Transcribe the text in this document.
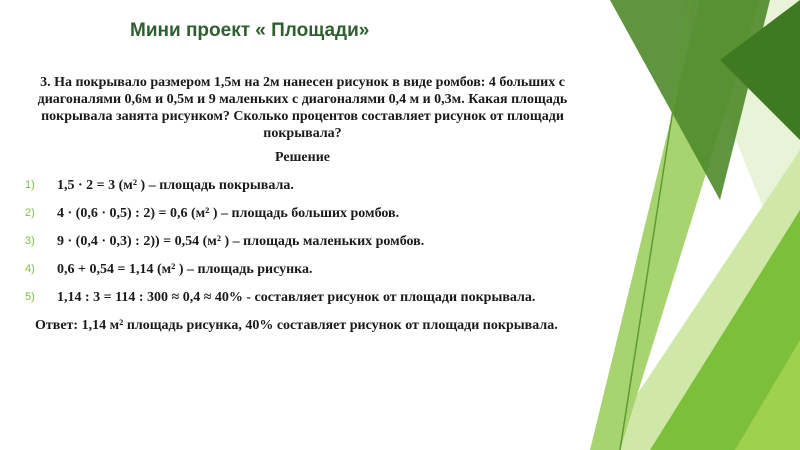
Мини проект « Площади»
3. На покрывало размером 1,5м на 2м нанесен рисунок в виде ромбов: 4 больших с диагоналями 0,6м и 0,5м и 9 маленьких с диагоналями 0,4 м и 0,3м. Какая площадь покрывала занята рисунком? Сколько процентов составляет рисунок от площади покрывала?
Решение
1) 1,5 · 2 = 3 (м² ) – площадь покрывала.
2) 4 · (0,6 · 0,5) : 2) = 0,6 (м² ) – площадь больших ромбов.
3) 9 · (0,4 · 0,3) : 2)) = 0,54 (м² ) – площадь маленьких ромбов.
4) 0,6 + 0,54 = 1,14 (м² ) – площадь рисунка.
5) 1,14 : 3 = 114 : 300 ≈ 0,4 ≈ 40% - составляет рисунок от площади покрывала.
Ответ: 1,14 м² площадь рисунка, 40% составляет рисунок от площади покрывала.
